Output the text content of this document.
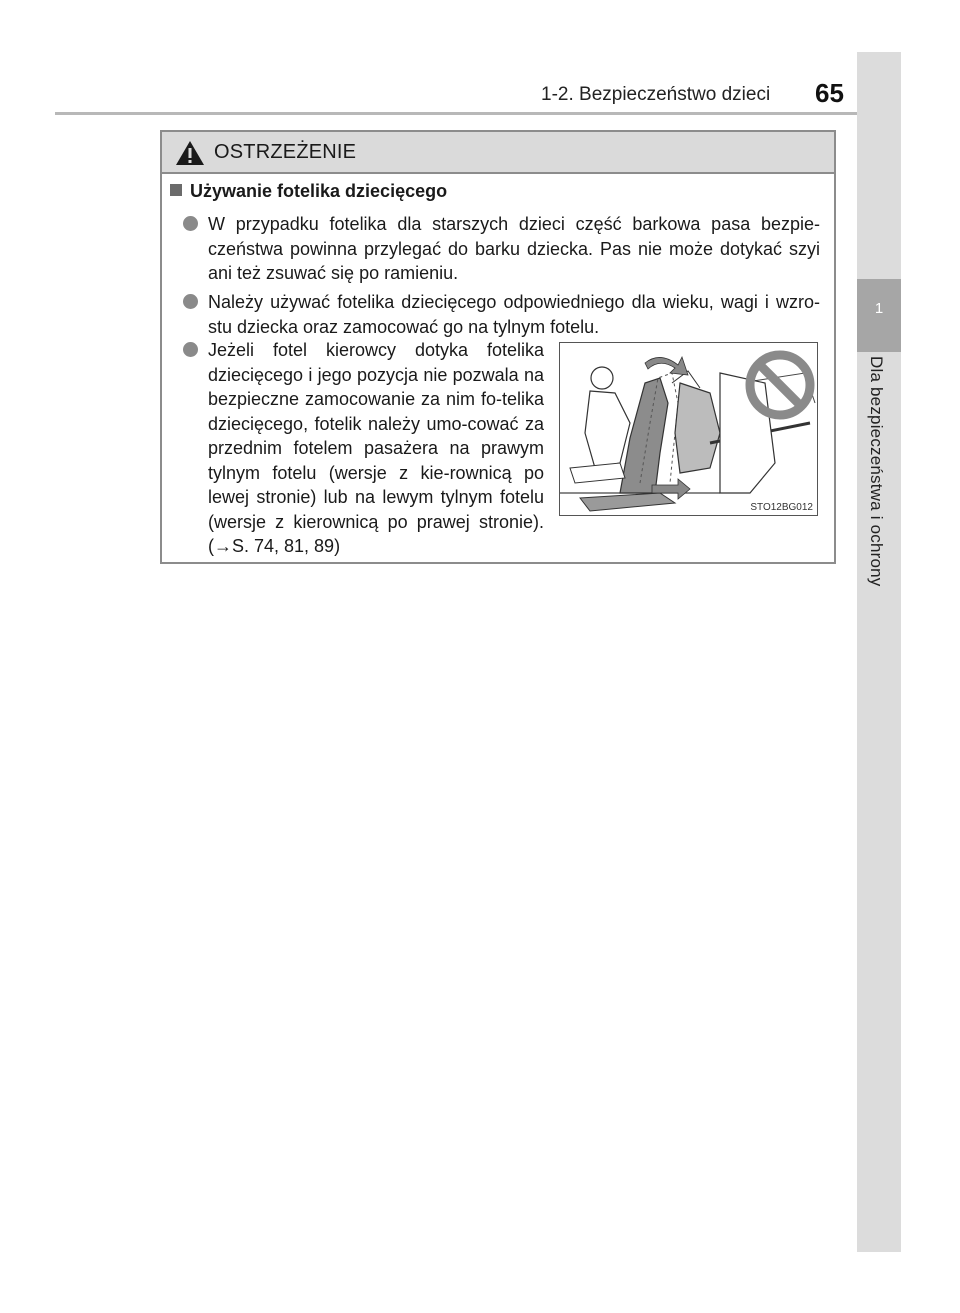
1-2. Bezpieczeństwo dzieci 65
1
Dla bezpieczeństwa i ochrony
OSTRZEŻENIE
Używanie fotelika dziecięcego
W przypadku fotelika dla starszych dzieci część barkowa pasa bezpie-czeństwa powinna przylegać do barku dziecka. Pas nie może dotykać szyi ani też zsuwać się po ramieniu.
Należy używać fotelika dziecięcego odpowiedniego dla wieku, wagi i wzro-stu dziecka oraz zamocować go na tylnym fotelu.
Jeżeli fotel kierowcy dotyka fotelika dziecięcego i jego pozycja nie pozwala na bezpieczne zamocowanie za nim fo-telika dziecięcego, fotelik należy umo-cować za przednim fotelem pasażera na prawym tylnym fotelu (wersje z kie-rownicą po lewej stronie) lub na lewym tylnym fotelu (wersje z kierownicą po prawej stronie). (→S. 74, 81, 89)
STO12BG012
